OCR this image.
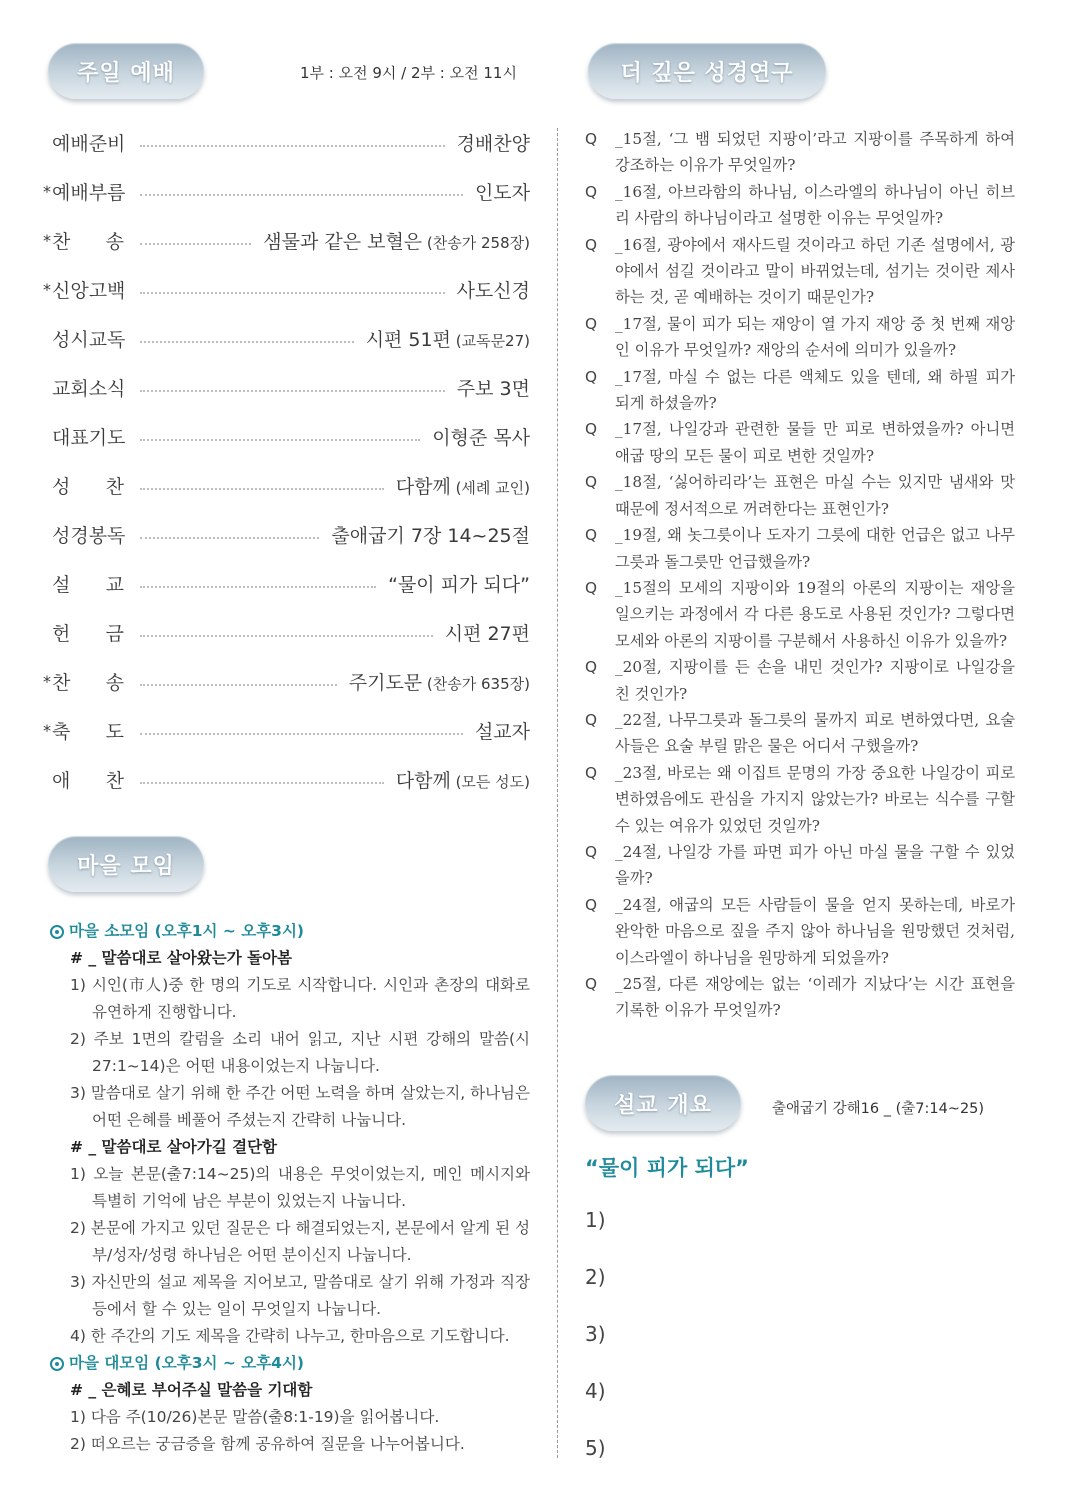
주일 예배	1부 : 오전 9시 / 2부 : 오전 11시
예배준비	경배찬양
* 예배부름	인도자
* 찬 송	샘물과 같은 보혈은 (찬송가 258장)
* 신앙고백	사도신경
성시교독	시편 51편 (교독문27)
교회소식	주보 3면
대표기도	이형준 목사
성 찬	다함께 (세례 교인)
성경봉독	출애굽기 7장 14~25절
설 교	“물이 피가 되다”
헌 금	시편 27편
* 찬 송	주기도문 (찬송가 635장)
* 축 도	설교자
애 찬	다함께 (모든 성도)
마을 모임
마을 소모임 (오후1시 ~ 오후3시)
# _ 말씀대로 살아왔는가 돌아봄
1) 시인(市人)중 한 명의 기도로 시작합니다. 시인과 촌장의 대화로 유연하게 진행합니다.
2) 주보 1면의 칼럼을 소리 내어 읽고, 지난 시편 강해의 말씀(시27:1~14)은 어떤 내용이었는지 나눕니다.
3) 말씀대로 살기 위해 한 주간 어떤 노력을 하며 살았는지, 하나님은 어떤 은혜를 베풀어 주셨는지 간략히 나눕니다.
# _ 말씀대로 살아가길 결단함
1) 오늘 본문(출7:14~25)의 내용은 무엇이었는지, 메인 메시지와 특별히 기억에 남은 부분이 있었는지 나눕니다.
2) 본문에 가지고 있던 질문은 다 해결되었는지, 본문에서 알게 된 성부/성자/성령 하나님은 어떤 분이신지 나눕니다.
3) 자신만의 설교 제목을 지어보고, 말씀대로 살기 위해 가정과 직장 등에서 할 수 있는 일이 무엇일지 나눕니다.
4) 한 주간의 기도 제목을 간략히 나누고, 한마음으로 기도합니다.
마을 대모임 (오후3시 ~ 오후4시)
# _ 은혜로 부어주실 말씀을 기대함
1) 다음 주(10/26)본문 말씀(출8:1-19)을 읽어봅니다.
2) 떠오르는 궁금증을 함께 공유하여 질문을 나누어봅니다.
더 깊은 성경연구
Q _15절, ‘그 뱀 되었던 지팡이’라고 지팡이를 주목하게 하여 강조하는 이유가 무엇일까?
Q _16절, 아브라함의 하나님, 이스라엘의 하나님이 아닌 히브리 사람의 하나님이라고 설명한 이유는 무엇일까?
Q _16절, 광야에서 재사드릴 것이라고 하던 기존 설명에서, 광야에서 섬길 것이라고 말이 바뀌었는데, 섬기는 것이란 제사하는 것, 곧 예배하는 것이기 때문인가?
Q _17절, 물이 피가 되는 재앙이 열 가지 재앙 중 첫 번째 재앙인 이유가 무엇일까? 재앙의 순서에 의미가 있을까?
Q _17절, 마실 수 없는 다른 액체도 있을 텐데, 왜 하필 피가 되게 하셨을까?
Q _17절, 나일강과 관련한 물들 만 피로 변하였을까? 아니면 애굽 땅의 모든 물이 피로 변한 것일까?
Q _18절, ‘싫어하리라’는 표현은 마실 수는 있지만 냄새와 맛 때문에 정서적으로 꺼려한다는 표현인가?
Q _19절, 왜 놋그릇이나 도자기 그릇에 대한 언급은 없고 나무그릇과 돌그릇만 언급했을까?
Q _15절의 모세의 지팡이와 19절의 아론의 지팡이는 재앙을 일으키는 과정에서 각 다른 용도로 사용된 것인가? 그렇다면 모세와 아론의 지팡이를 구분해서 사용하신 이유가 있을까?
Q _20절, 지팡이를 든 손을 내민 것인가? 지팡이로 나일강을 친 것인가?
Q _22절, 나무그릇과 돌그릇의 물까지 피로 변하였다면, 요술사들은 요술 부릴 맑은 물은 어디서 구했을까?
Q _23절, 바로는 왜 이집트 문명의 가장 중요한 나일강이 피로 변하였음에도 관심을 가지지 않았는가? 바로는 식수를 구할 수 있는 여유가 있었던 것일까?
Q _24절, 나일강 가를 파면 피가 아닌 마실 물을 구할 수 있었을까?
Q _24절, 애굽의 모든 사람들이 물을 얻지 못하는데, 바로가 완악한 마음으로 짚을 주지 않아 하나님을 원망했던 것처럼, 이스라엘이 하나님을 원망하게 되었을까?
Q _25절, 다른 재앙에는 없는 ‘이레가 지났다’는 시간 표현을 기록한 이유가 무엇일까?
설교 개요	출애굽기 강해16 _ (출7:14~25)
“물이 피가 되다”
1)
2)
3)
4)
5)
